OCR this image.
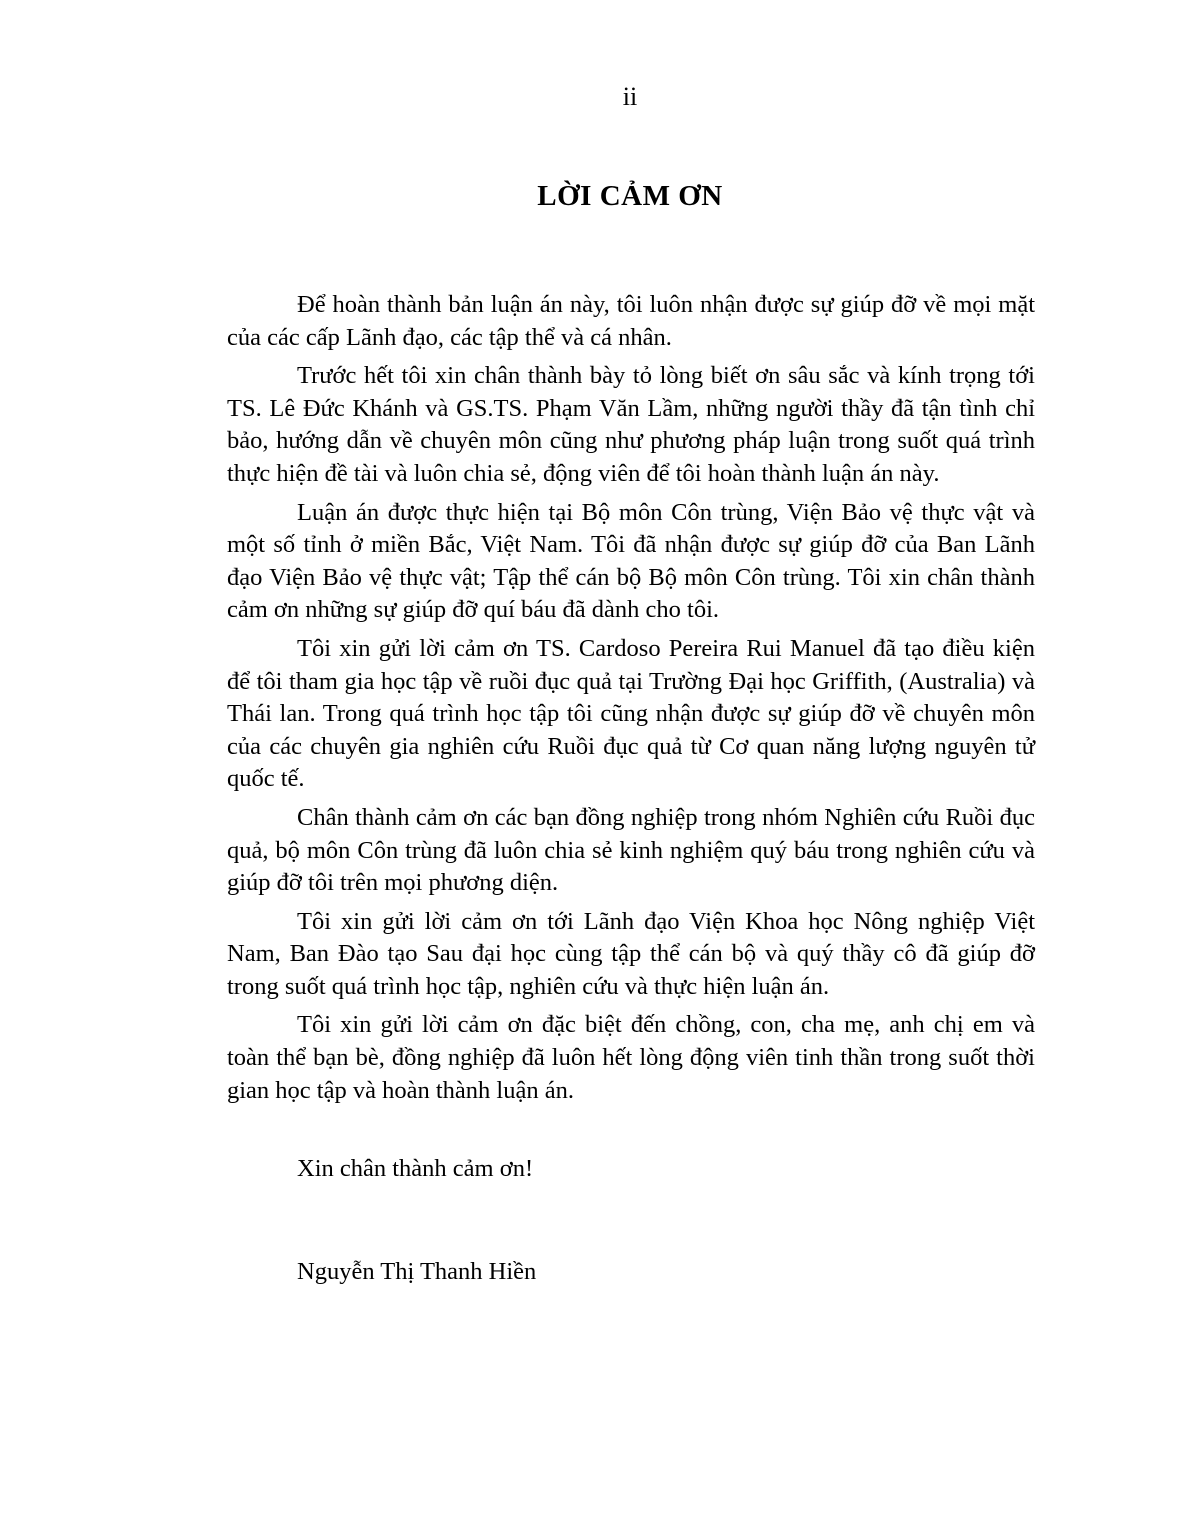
ii
LỜI CẢM ƠN

Để hoàn thành bản luận án này, tôi luôn nhận được sự giúp đỡ về mọi mặt của các cấp Lãnh đạo, các tập thể và cá nhân.

Trước hết tôi xin chân thành bày tỏ lòng biết ơn sâu sắc và kính trọng tới TS. Lê Đức Khánh và GS.TS. Phạm Văn Lầm, những người thầy đã tận tình chỉ bảo, hướng dẫn về chuyên môn cũng như phương pháp luận trong suốt quá trình thực hiện đề tài và luôn chia sẻ, động viên để tôi hoàn thành luận án này.

Luận án được thực hiện tại Bộ môn Côn trùng, Viện Bảo vệ thực vật và một số tỉnh ở miền Bắc, Việt Nam. Tôi đã nhận được sự giúp đỡ của Ban Lãnh đạo Viện Bảo vệ thực vật; Tập thể cán bộ Bộ môn Côn trùng. Tôi xin chân thành cảm ơn những sự giúp đỡ quí báu đã dành cho tôi.

Tôi xin gửi lời cảm ơn TS. Cardoso Pereira Rui Manuel đã tạo điều kiện để tôi tham gia học tập về ruồi đục quả tại Trường Đại học Griffith, (Australia) và Thái lan. Trong quá trình học tập tôi cũng nhận được sự giúp đỡ về chuyên môn của các chuyên gia nghiên cứu Ruồi đục quả từ Cơ quan năng lượng nguyên tử quốc tế.

Chân thành cảm ơn các bạn đồng nghiệp trong nhóm Nghiên cứu Ruồi đục quả, bộ môn Côn trùng đã luôn chia sẻ kinh nghiệm quý báu trong nghiên cứu và giúp đỡ tôi trên mọi phương diện.

Tôi xin gửi lời cảm ơn tới Lãnh đạo Viện Khoa học Nông nghiệp Việt Nam, Ban Đào tạo Sau đại học cùng tập thể cán bộ và quý thầy cô đã giúp đỡ trong suốt quá trình học tập, nghiên cứu và thực hiện luận án.

Tôi xin gửi lời cảm ơn đặc biệt đến chồng, con, cha mẹ, anh chị em và toàn thể bạn bè, đồng nghiệp đã luôn hết lòng động viên tinh thần trong suốt thời gian học tập và hoàn thành luận án.

Xin chân thành cảm ơn!
Nguyễn Thị Thanh Hiền
